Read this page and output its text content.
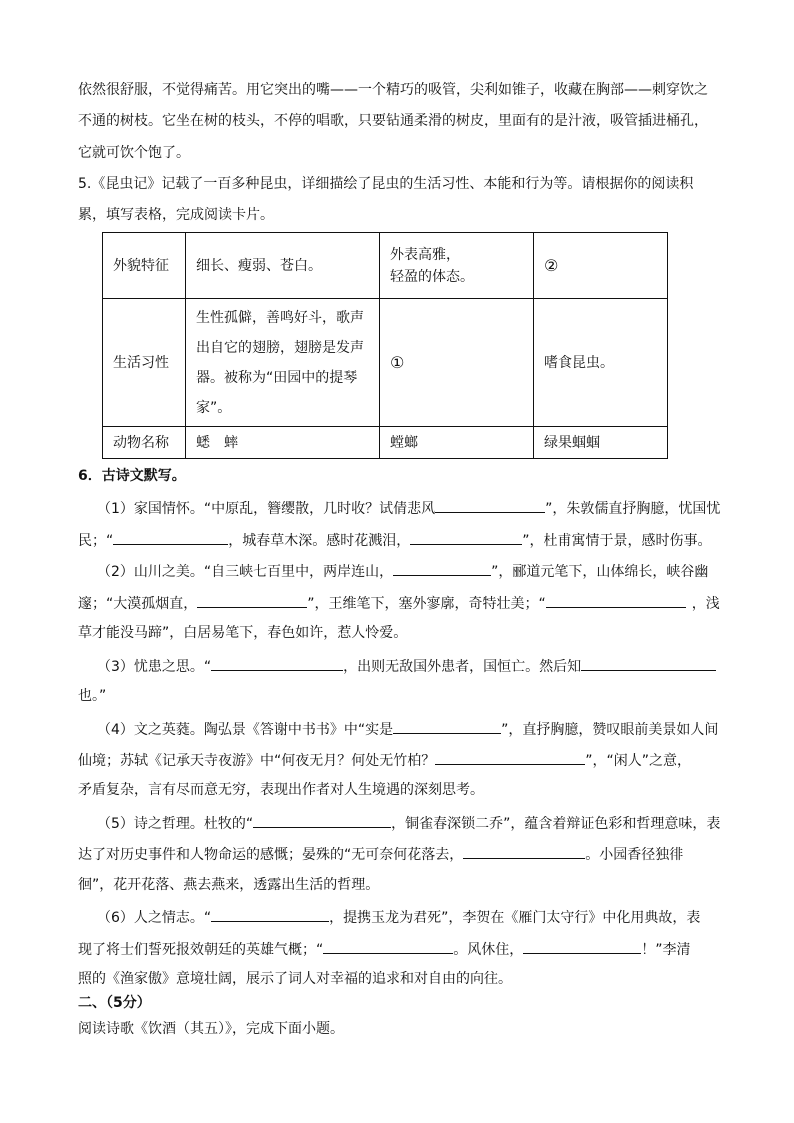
依然很舒服，不觉得痛苦。用它突出的嘴——一个精巧的吸管，尖利如锥子，收藏在胸部——刺穿饮之
不通的树枝。它坐在树的枝头，不停的唱歌，只要钻通柔滑的树皮，里面有的是汁液，吸管插进桶孔，
它就可饮个饱了。
5.《昆虫记》记载了一百多种昆虫，详细描绘了昆虫的生活习性、本能和行为等。请根据你的阅读积
累，填写表格，完成阅读卡片。
外貌特征	细长、瘦弱、苍白。	外表高雅，
轻盈的体态。	②
生活习性	生性孤僻，善鸣好斗，歌声
出自它的翅膀，翅膀是发声
器。被称为“田园中的提琴
家”。	①	嗜食昆虫。
动物名称	蟋　蟀	螳螂	绿果蝈蝈
6．古诗文默写。
（1）家国情怀。“中原乱，簪缨散，几时收？试倩悲风	”，朱敦儒直抒胸臆，忧国忧
民；“	，城春草木深。感时花溅泪，	”，杜甫寓情于景，感时伤事。
（2）山川之美。“自三峡七百里中，两岸连山，	”，郦道元笔下，山体绵长，峡谷幽
邃；“大漠孤烟直，	”，王维笔下，塞外寥廓，奇特壮美；“	，浅
草才能没马蹄”，白居易笔下，春色如许，惹人怜爱。
（3）忧患之思。“	，出则无敌国外患者，国恒亡。然后知
也。”
（4）文之英蕤。陶弘景《答谢中书书》中“实是	”，直抒胸臆，赞叹眼前美景如人间
仙境；苏轼《记承天寺夜游》中“何夜无月？何处无竹柏？	”，“闲人”之意，
矛盾复杂，言有尽而意无穷，表现出作者对人生境遇的深刻思考。
（5）诗之哲理。杜牧的“	，铜雀春深锁二乔”，蕴含着辩证色彩和哲理意味，表
达了对历史事件和人物命运的感慨；晏殊的“无可奈何花落去，	。小园香径独徘
徊”，花开花落、燕去燕来，透露出生活的哲理。
（6）人之情志。“	，提携玉龙为君死”，李贺在《雁门太守行》中化用典故，表
现了将士们誓死报效朝廷的英雄气概；“	。风休住，	！”李清
照的《渔家傲》意境壮阔，展示了词人对幸福的追求和对自由的向往。
二、（5分）
阅读诗歌《饮酒（其五）》，完成下面小题。
